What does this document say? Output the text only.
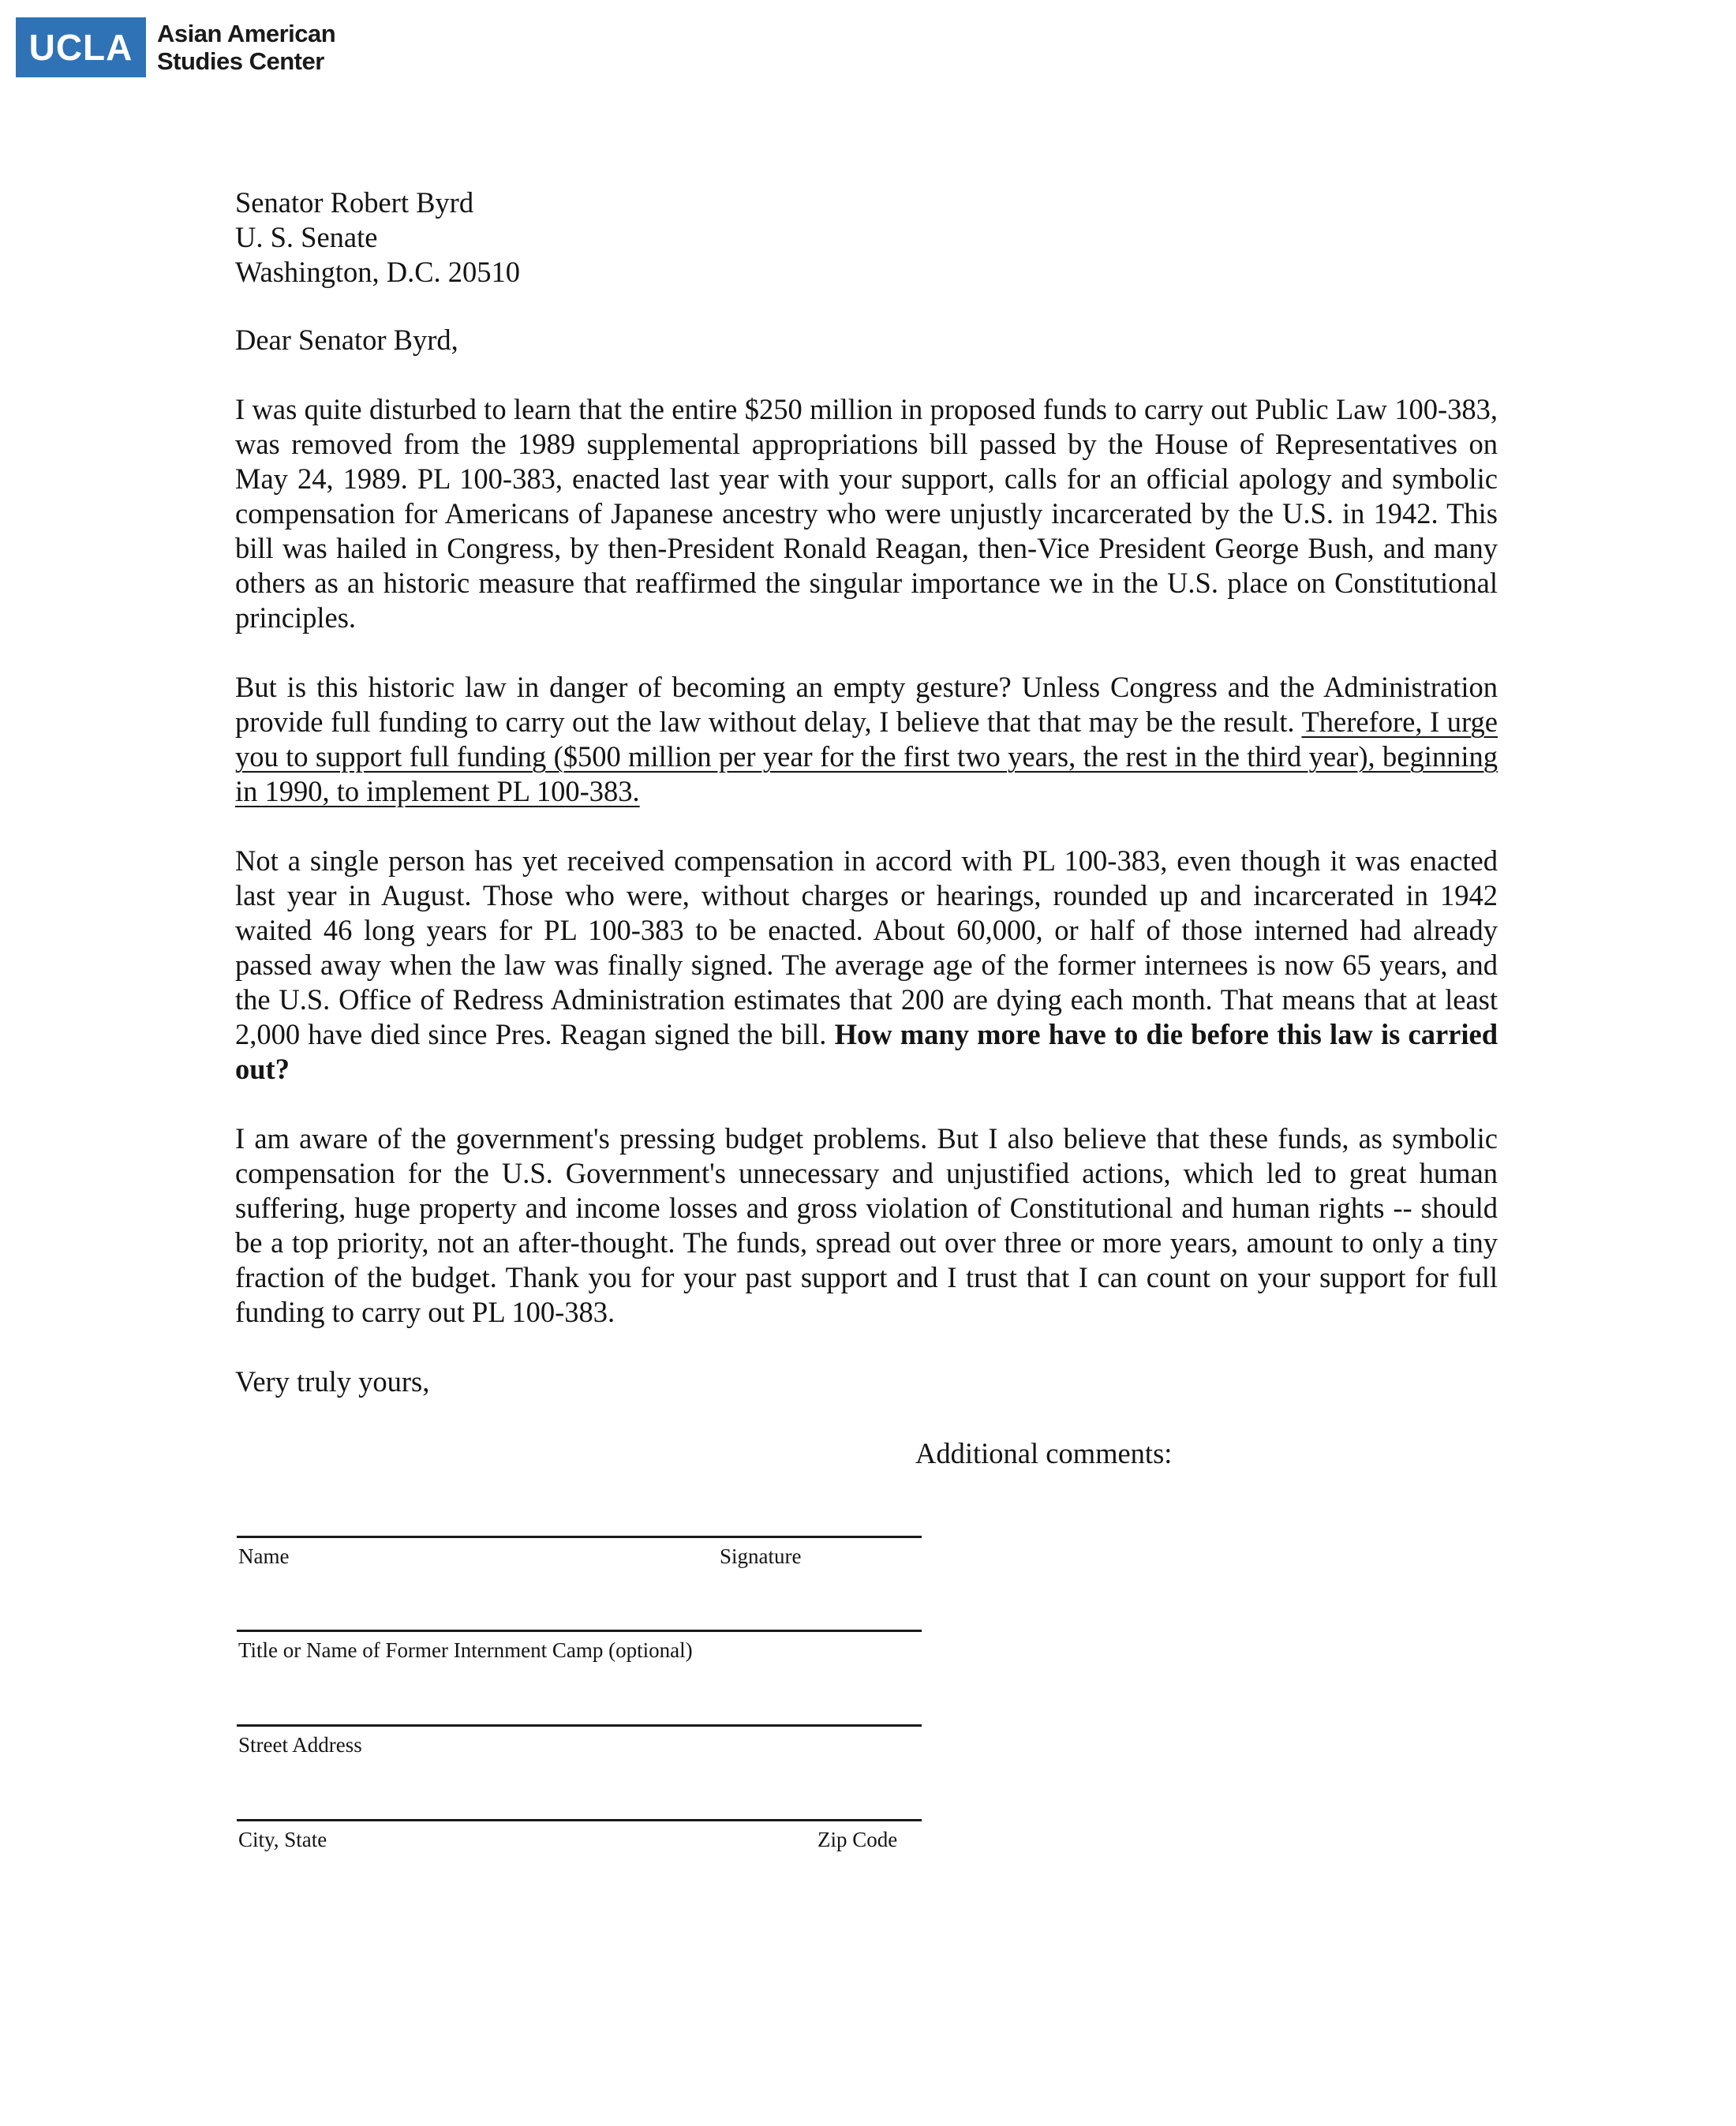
UCLA Asian American
Studies Center
Senator Robert Byrd
U. S. Senate
Washington, D.C. 20510
Dear Senator Byrd,
I was quite disturbed to learn that the entire $250 million in proposed funds to carry out Public Law 100-383, was removed from the 1989 supplemental appropriations bill passed by the House of Representatives on May 24, 1989. PL 100-383, enacted last year with your support, calls for an official apology and symbolic compensation for Americans of Japanese ancestry who were unjustly incarcerated by the U.S. in 1942. This bill was hailed in Congress, by then-President Ronald Reagan, then-Vice President George Bush, and many others as an historic measure that reaffirmed the singular importance we in the U.S. place on Constitutional principles.
But is this historic law in danger of becoming an empty gesture? Unless Congress and the Administration provide full funding to carry out the law without delay, I believe that that may be the result. Therefore, I urge you to support full funding ($500 million per year for the first two years, the rest in the third year), beginning in 1990, to implement PL 100-383.
Not a single person has yet received compensation in accord with PL 100-383, even though it was enacted last year in August. Those who were, without charges or hearings, rounded up and incarcerated in 1942 waited 46 long years for PL 100-383 to be enacted. About 60,000, or half of those interned had already passed away when the law was finally signed. The average age of the former internees is now 65 years, and the U.S. Office of Redress Administration estimates that 200 are dying each month. That means that at least 2,000 have died since Pres. Reagan signed the bill. How many more have to die before this law is carried out?
I am aware of the government's pressing budget problems. But I also believe that these funds, as symbolic compensation for the U.S. Government's unnecessary and unjustified actions, which led to great human suffering, huge property and income losses and gross violation of Constitutional and human rights -- should be a top priority, not an after-thought. The funds, spread out over three or more years, amount to only a tiny fraction of the budget. Thank you for your past support and I trust that I can count on your support for full funding to carry out PL 100-383.
Very truly yours,
Additional comments:
Name	Signature
Title or Name of Former Internment Camp (optional)
Street Address
City, State	Zip Code
